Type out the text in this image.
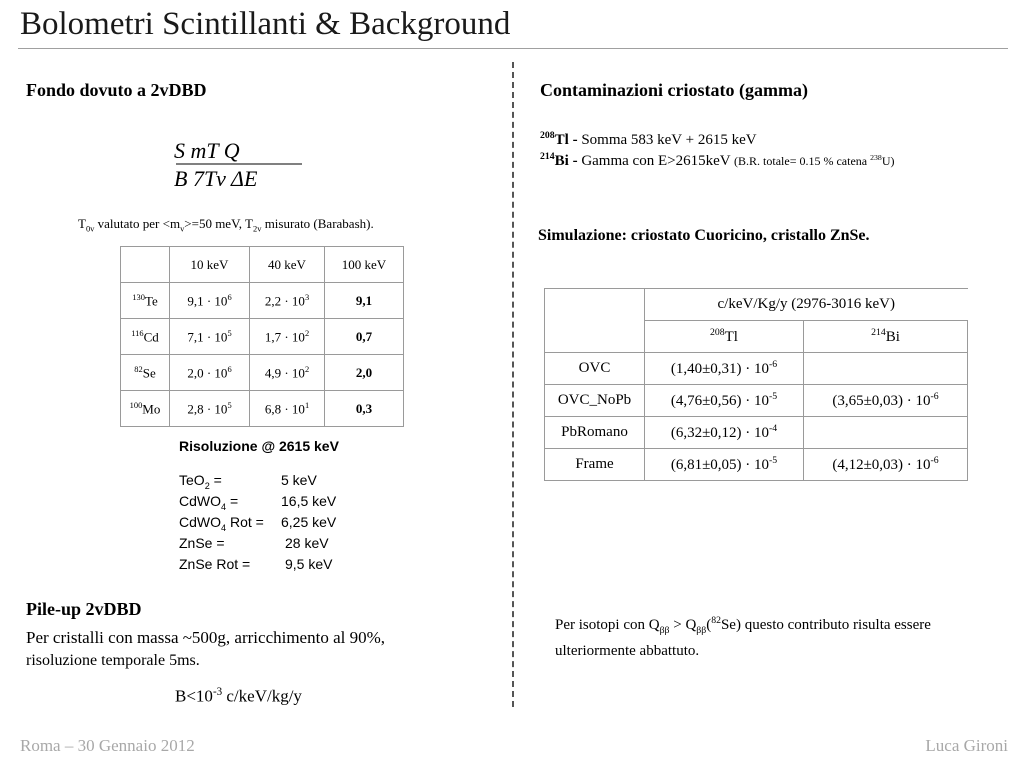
Bolometri Scintillanti & Background
Fondo dovuto a 2vDBD
S mT Q
B 7Tν ΔE
$T_{0v}$ valutato per $<m_v>=50$ meV, $T_{2v}$ misurato (Barabash).
	10 keV	40 keV	100 keV
$^{130}$Te	$9,1 \cdot 10^6$	$2,2 \cdot 10^3$	9,1
$^{116}$Cd	$7,1 \cdot 10^5$	$1,7 \cdot 10^2$	0,7
$^{82}$Se	$2,0 \cdot 10^6$	$4,9 \cdot 10^2$	2,0
$^{100}$Mo	$2,8 \cdot 10^5$	$6,8 \cdot 10^1$	0,3
Risoluzione @ 2615 keV
TeO$_2$ =	5 keV
CdWO$_4$ =	16,5 keV
CdWO$_4$ Rot = 6,25 keV
ZnSe =	28 keV
ZnSe Rot = 9,5 keV
Pile-up 2vDBD
Per cristalli con massa ~500g, arricchimento al 90%,
risoluzione temporale 5ms.
$B<10^{-3}$ c/keV/kg/y
Contaminazioni criostato (gamma)
$^{208}$Tl - Somma 583 keV + 2615 keV
$^{214}$Bi - Gamma con E>2615keV (B.R. totale= 0.15 % catena $^{238}$U)
Simulazione: criostato Cuoricino, cristallo ZnSe.
	c/keV/Kg/y (2976-3016 keV)	
	$^{208}$Tl	$^{214}$Bi
OVC	$(1,40\pm 0,31) \cdot 10^{-6}$	
OVC_NoPb	$(4,76\pm 0,56) \cdot 10^{-5}$	$(3,65\pm 0,03) \cdot 10^{-6}$
PbRomano	$(6,32\pm 0,12) \cdot 10^{-4}$	
Frame	$(6,81\pm 0,05) \cdot 10^{-5}$	$(4,12\pm 0,03) \cdot 10^{-6}$
Per isotopi con $Q_{\beta\beta} > Q_{\beta\beta}(^{82}Se)$ questo contributo risulta essere ulteriormente abbattuto.
Roma – 30 Gennaio 2012	Luca Gironi
